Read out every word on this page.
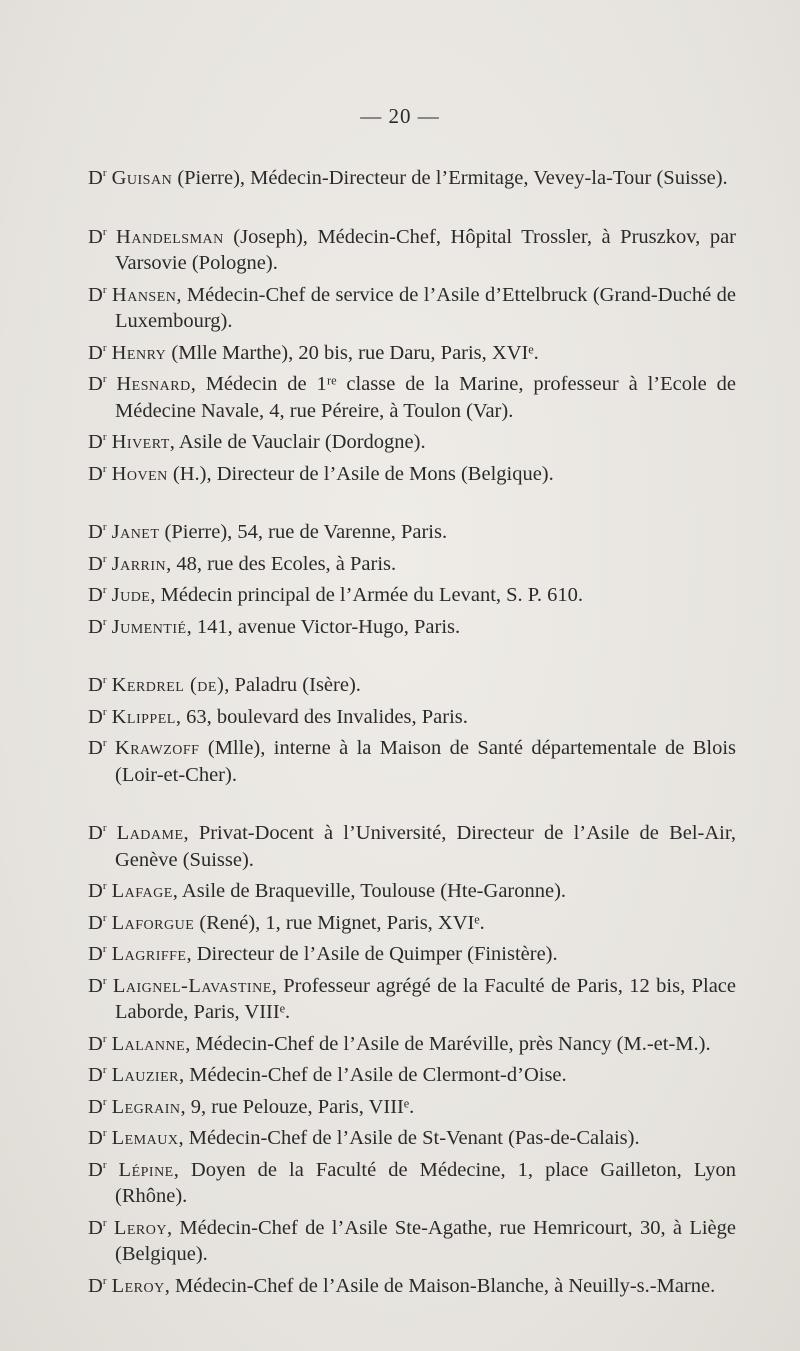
— 20 —
$D^r$ Guisan (Pierre), Médecin-Directeur de l’Ermitage, Vevey-la-Tour (Suisse).
$D^r$ Handelsman (Joseph), Médecin-Chef, Hôpital Trossler, à Pruszkov, par Varsovie (Pologne).
$D^r$ Hansen, Médecin-Chef de service de l’Asile d’Ettelbruck (Grand-Duché de Luxembourg).
$D^r$ Henry (Mlle Marthe), 20 bis, rue Daru, Paris, XVIᵉ.
$D^r$ Hesnard, Médecin de 1ʳᵉ classe de la Marine, professeur à l’Ecole de Médecine Navale, 4, rue Péreire, à Toulon (Var).
$D^r$ Hivert, Asile de Vauclair (Dordogne).
$D^r$ Hoven (H.), Directeur de l’Asile de Mons (Belgique).
$D^r$ Janet (Pierre), 54, rue de Varenne, Paris.
$D^r$ Jarrin, 48, rue des Ecoles, à Paris.
$D^r$ Jude, Médecin principal de l’Armée du Levant, S. P. 610.
$D^r$ Jumentié, 141, avenue Victor-Hugo, Paris.
$D^r$ Kerdrel (de), Paladru (Isère).
$D^r$ Klippel, 63, boulevard des Invalides, Paris.
$D^r$ Krawzoff (Mlle), interne à la Maison de Santé départementale de Blois (Loir-et-Cher).
$D^r$ Ladame, Privat-Docent à l’Université, Directeur de l’Asile de Bel-Air, Genève (Suisse).
$D^r$ Lafage, Asile de Braqueville, Toulouse (Hte-Garonne).
$D^r$ Laforgue (René), 1, rue Mignet, Paris, XVIᵉ.
$D^r$ Lagriffe, Directeur de l’Asile de Quimper (Finistère).
$D^r$ Laignel-Lavastine, Professeur agrégé de la Faculté de Paris, 12 bis, Place Laborde, Paris, VIIIᵉ.
$D^r$ Lalanne, Médecin-Chef de l’Asile de Maréville, près Nancy (M.-et-M.).
$D^r$ Lauzier, Médecin-Chef de l’Asile de Clermont-d’Oise.
$D^r$ Legrain, 9, rue Pelouze, Paris, VIIIᵉ.
$D^r$ Lemaux, Médecin-Chef de l’Asile de St-Venant (Pas-de-Calais).
$D^r$ Lépine, Doyen de la Faculté de Médecine, 1, place Gailleton, Lyon (Rhône).
$D^r$ Leroy, Médecin-Chef de l’Asile Ste-Agathe, rue Hemricourt, 30, à Liège (Belgique).
$D^r$ Leroy, Médecin-Chef de l’Asile de Maison-Blanche, à Neuilly-s.-Marne.
